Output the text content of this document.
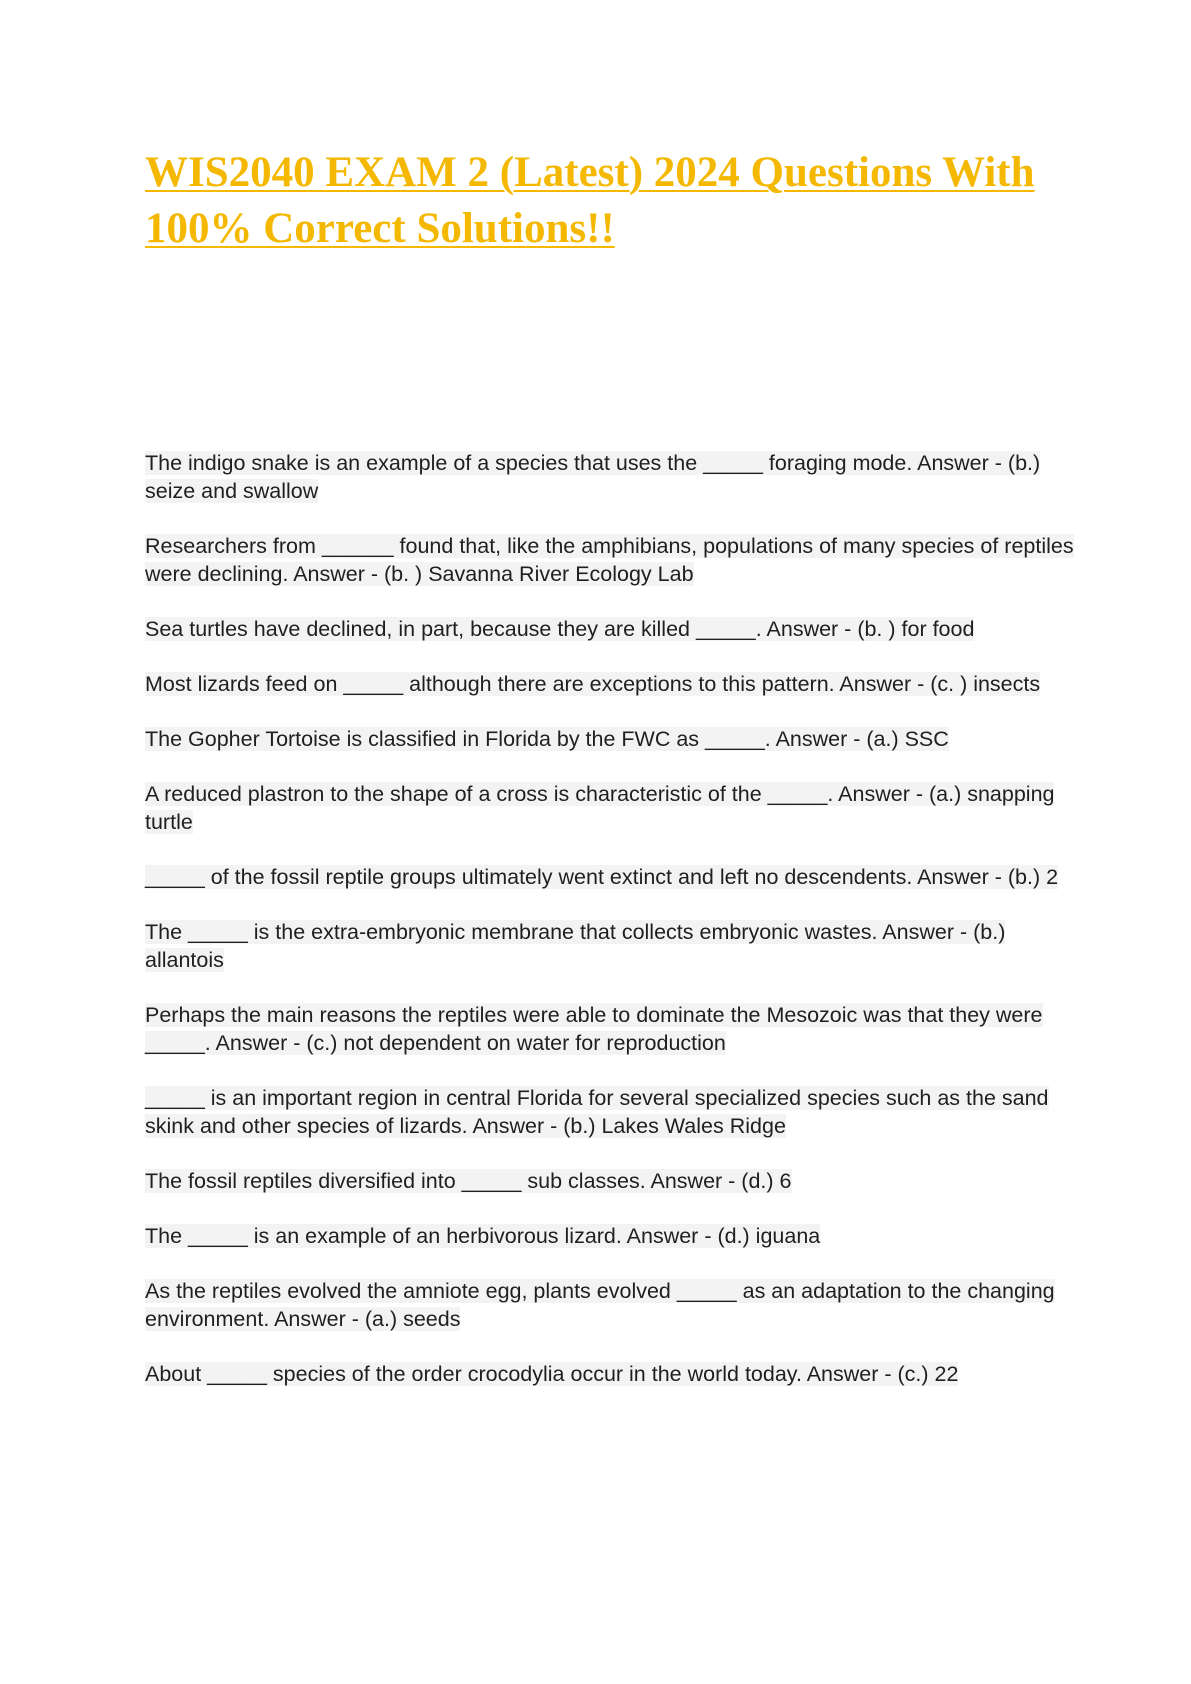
WIS2040 EXAM 2 (Latest) 2024 Questions With 100% Correct Solutions!!
The indigo snake is an example of a species that uses the _____ foraging mode. Answer - (b.) seize and swallow
Researchers from ______ found that, like the amphibians, populations of many species of reptiles were declining. Answer - (b. ) Savanna River Ecology Lab
Sea turtles have declined, in part, because they are killed _____. Answer - (b. ) for food
Most lizards feed on _____ although there are exceptions to this pattern. Answer - (c. ) insects
The Gopher Tortoise is classified in Florida by the FWC as _____. Answer - (a.) SSC
A reduced plastron to the shape of a cross is characteristic of the _____. Answer - (a.) snapping turtle
_____ of the fossil reptile groups ultimately went extinct and left no descendents. Answer - (b.) 2
The _____ is the extra-embryonic membrane that collects embryonic wastes. Answer - (b.) allantois
Perhaps the main reasons the reptiles were able to dominate the Mesozoic was that they were _____. Answer - (c.) not dependent on water for reproduction
_____ is an important region in central Florida for several specialized species such as the sand skink and other species of lizards. Answer - (b.) Lakes Wales Ridge
The fossil reptiles diversified into _____ sub classes. Answer - (d.) 6
The _____ is an example of an herbivorous lizard. Answer - (d.) iguana
As the reptiles evolved the amniote egg, plants evolved _____ as an adaptation to the changing environment. Answer - (a.) seeds
About _____ species of the order crocodylia occur in the world today. Answer - (c.) 22
